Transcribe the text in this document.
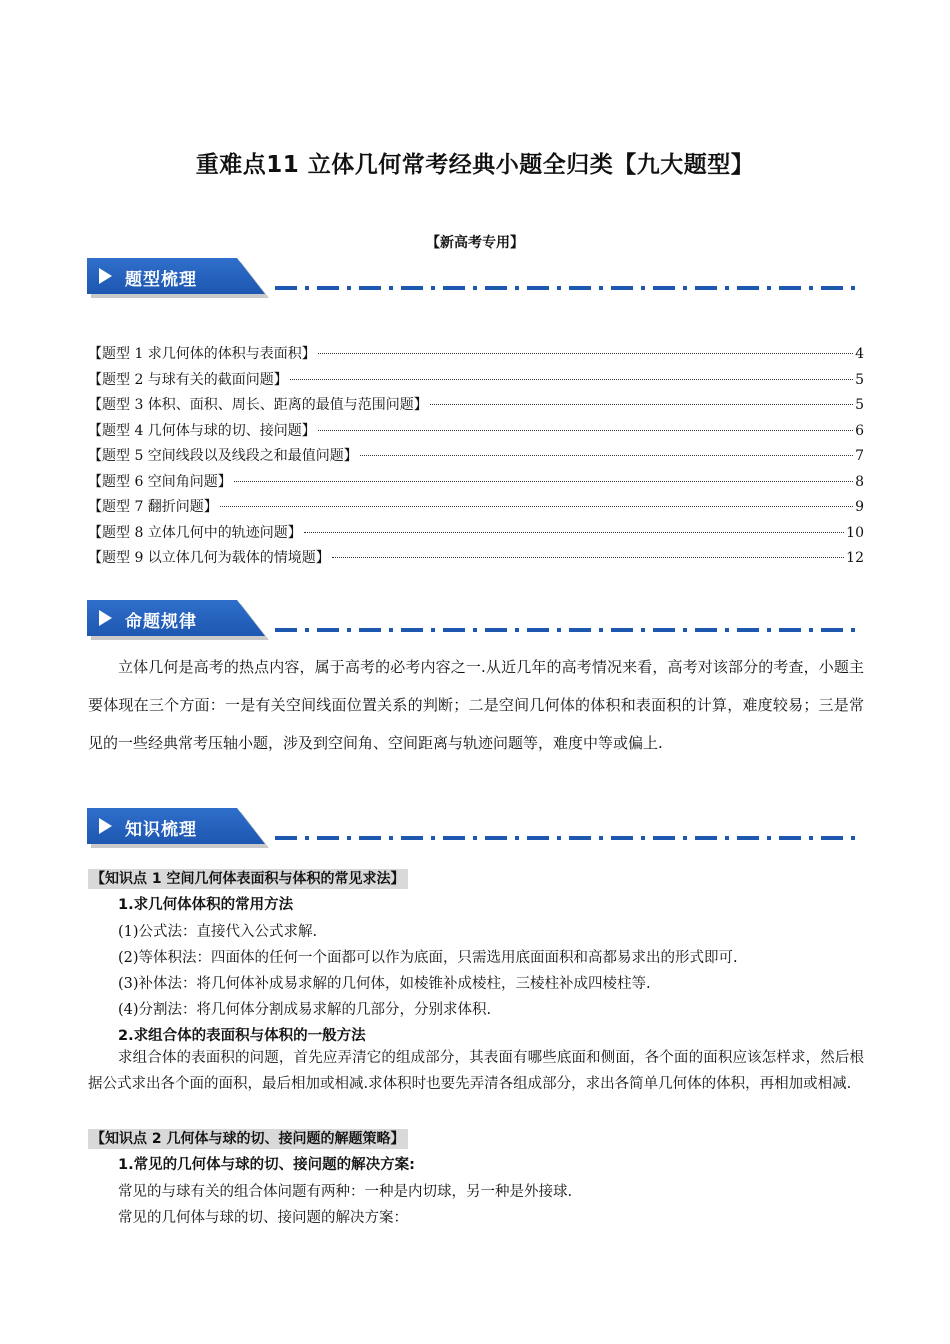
重难点11 立体几何常考经典小题全归类【九大题型】
【新高考专用】
题型梳理
【题型 1 求几何体的体积与表面积】	4
【题型 2 与球有关的截面问题】	5
【题型 3 体积、面积、周长、距离的最值与范围问题】	5
【题型 4 几何体与球的切、接问题】	6
【题型 5 空间线段以及线段之和最值问题】	7
【题型 6 空间角问题】	8
【题型 7 翻折问题】	9
【题型 8 立体几何中的轨迹问题】	10
【题型 9 以立体几何为载体的情境题】	12
命题规律
立体几何是高考的热点内容，属于高考的必考内容之一.从近几年的高考情况来看，高考对该部分的考查，小题主要体现在三个方面：一是有关空间线面位置关系的判断；二是空间几何体的体积和表面积的计算，难度较易；三是常见的一些经典常考压轴小题，涉及到空间角、空间距离与轨迹问题等，难度中等或偏上.
知识梳理
【知识点 1 空间几何体表面积与体积的常见求法】
1.求几何体体积的常用方法
(1)公式法：直接代入公式求解.
(2)等体积法：四面体的任何一个面都可以作为底面，只需选用底面面积和高都易求出的形式即可.
(3)补体法：将几何体补成易求解的几何体，如棱锥补成棱柱，三棱柱补成四棱柱等.
(4)分割法：将几何体分割成易求解的几部分，分别求体积.
2.求组合体的表面积与体积的一般方法
求组合体的表面积的问题，首先应弄清它的组成部分，其表面有哪些底面和侧面，各个面的面积应该怎样求，然后根据公式求出各个面的面积，最后相加或相减.求体积时也要先弄清各组成部分，求出各简单几何体的体积，再相加或相减.
【知识点 2 几何体与球的切、接问题的解题策略】
1.常见的几何体与球的切、接问题的解决方案:
常见的与球有关的组合体问题有两种：一种是内切球，另一种是外接球.
常见的几何体与球的切、接问题的解决方案：
